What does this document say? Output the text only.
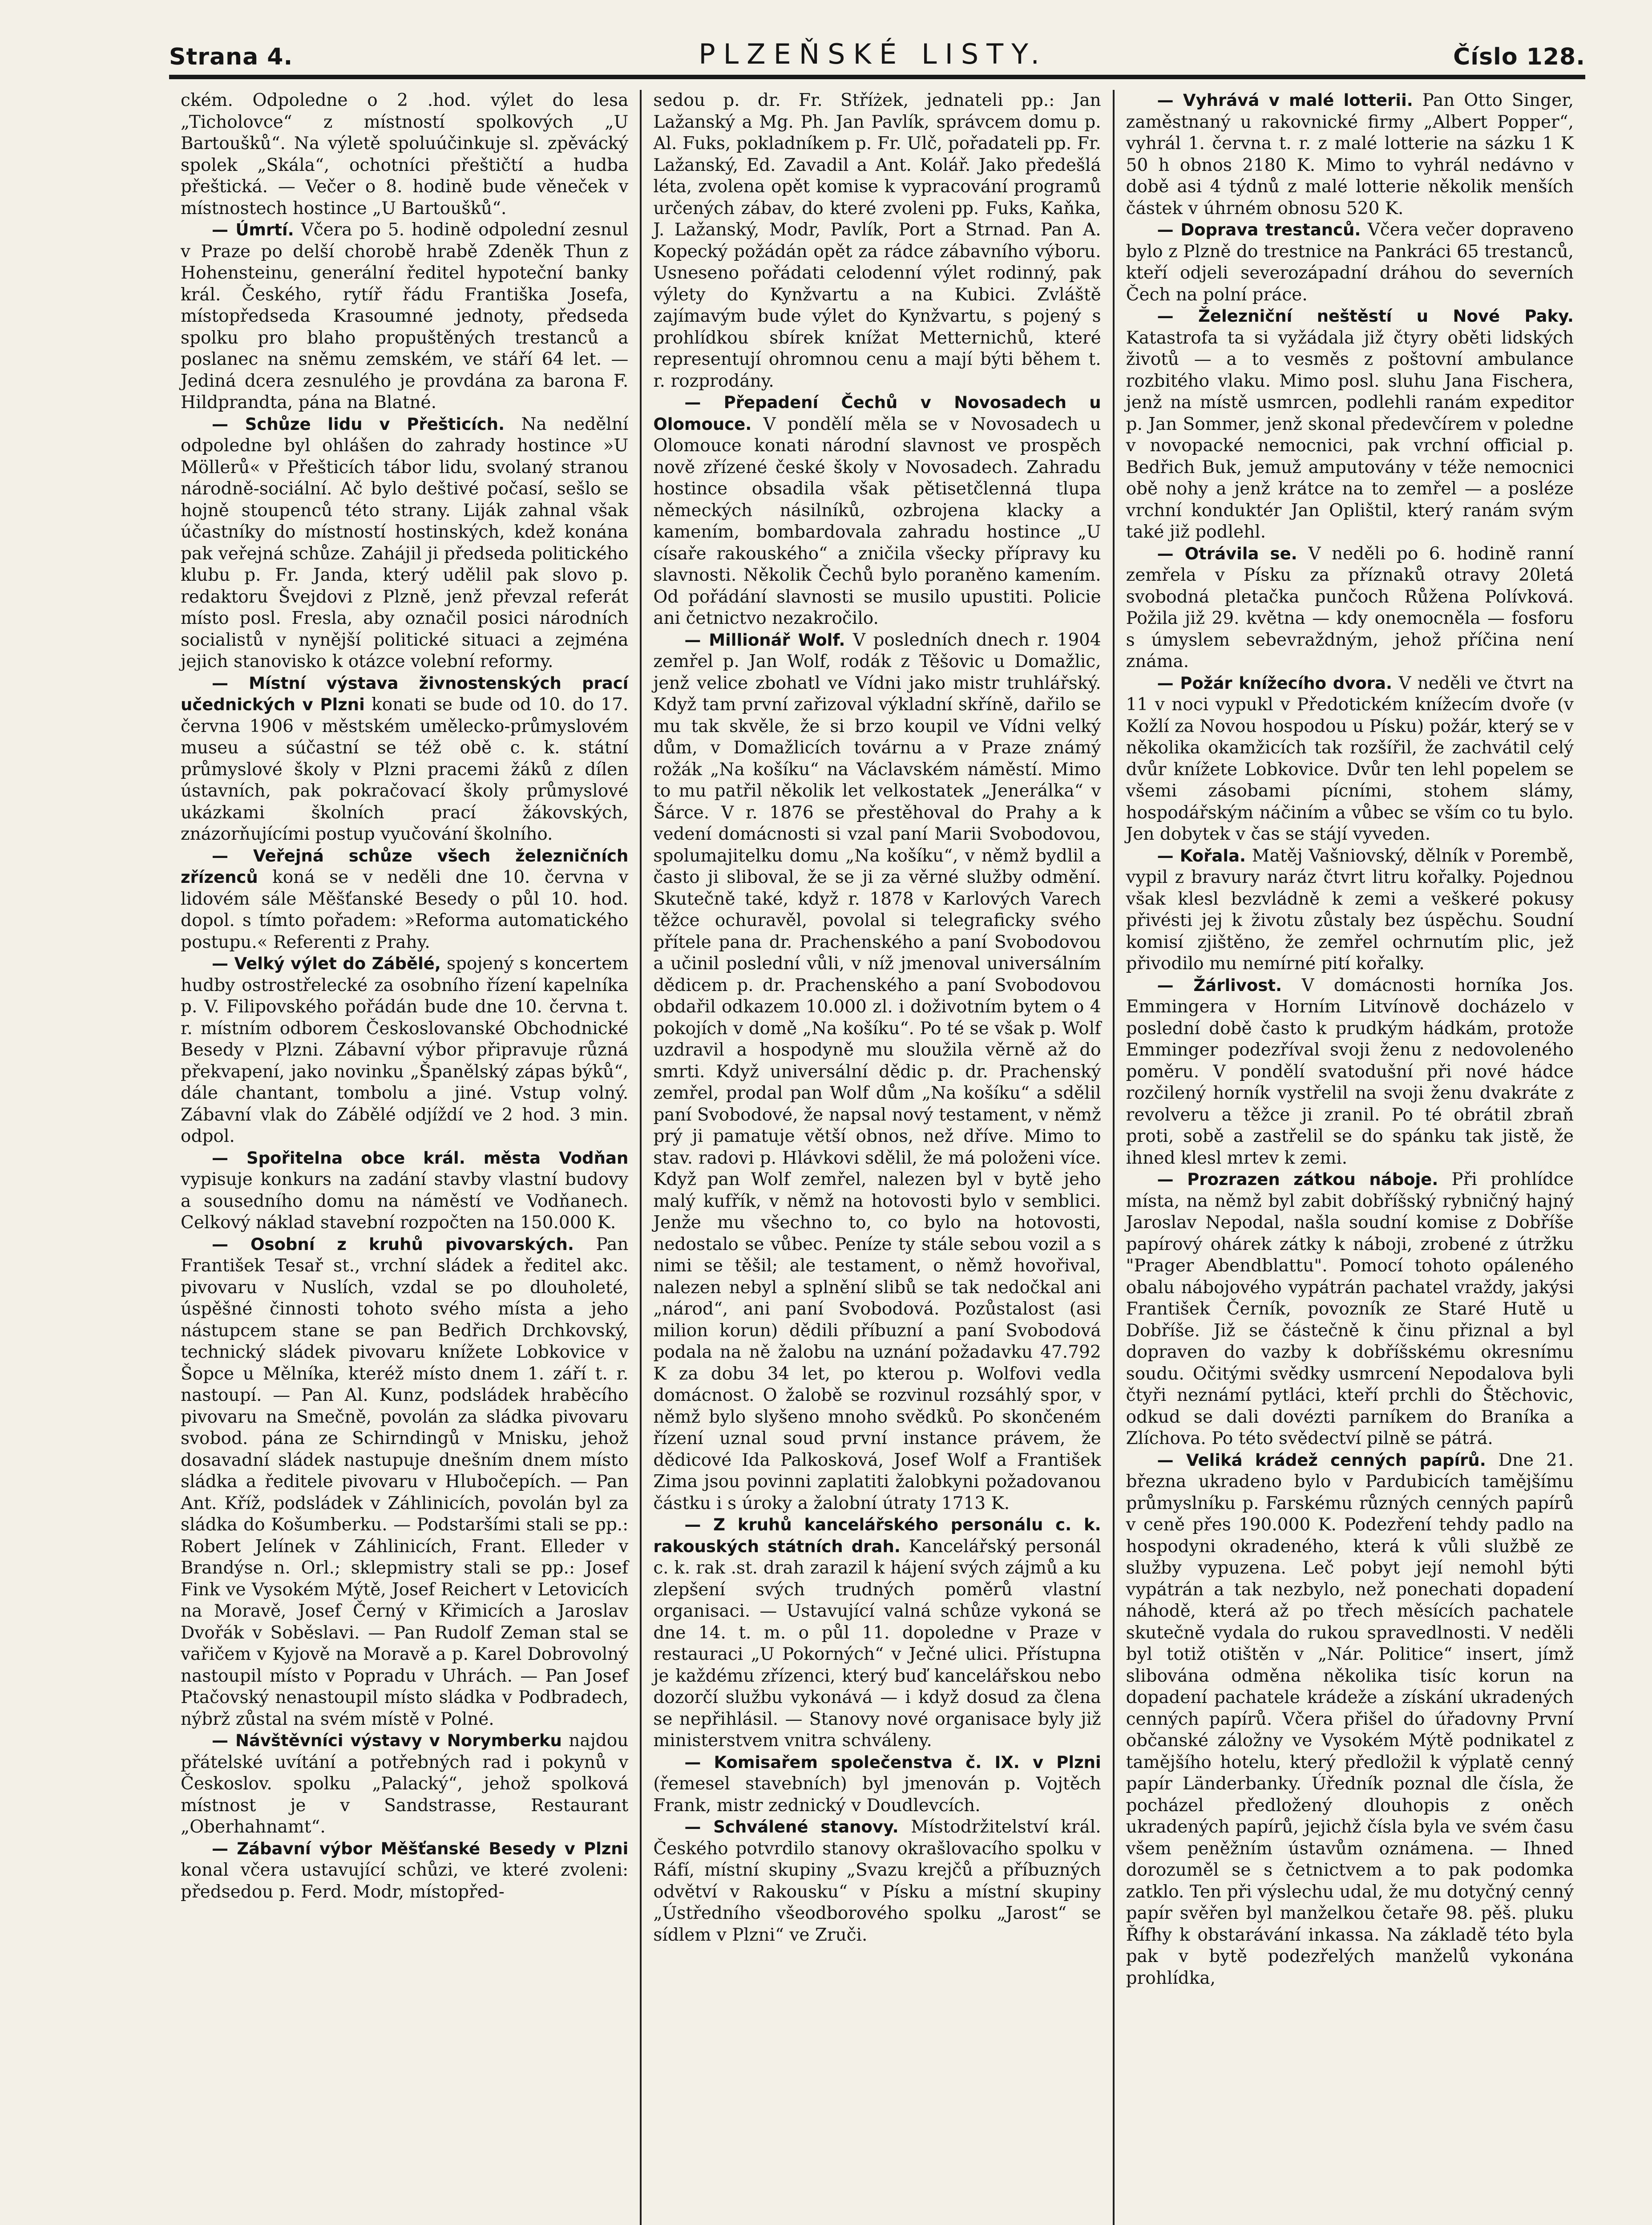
Strana 4.	PLZEŇSKÉ LISTY.	Číslo 128.

ckém. Odpoledne o 2 .hod. výlet do lesa „Ticholovce“ z místností spolkových „U Bartoušků“. Na výletě spoluúčinkuje sl. zpěvácký spolek „Skála“, ochotníci přeštičtí a hudba přeštická. — Večer o 8. hodině bude věneček v místnostech hostince „U Bartoušků“.

— Úmrtí. Včera po 5. hodině odpolední zesnul v Praze po delší chorobě hrabě Zdeněk Thun z Hohensteinu, generální ředitel hypoteční banky král. Českého, rytíř řádu Františka Josefa, místopředseda Krasoumné jednoty, předseda spolku pro blaho propuštěných trestanců a poslanec na sněmu zemském, ve stáří 64 let. — Jediná dcera zesnulého je provdána za barona F. Hildprandta, pána na Blatné.

— Schůze lidu v Přešticích. Na nedělní odpoledne byl ohlášen do zahrady hostince »U Möllerů« v Přešticích tábor lidu, svolaný stranou národně-sociální. Ač bylo deštivé počasí, sešlo se hojně stoupenců této strany. Liják zahnal však účastníky do místností hostinských, kdež konána pak veřejná schůze. Zahájil ji předseda politického klubu p. Fr. Janda, který udělil pak slovo p. redaktoru Švejdovi z Plzně, jenž převzal referát místo posl. Fresla, aby označil posici národních socialistů v nynější politické situaci a zejména jejich stanovisko k otázce volební reformy.

— Místní výstava živnostenských prací učednických v Plzni konati se bude od 10. do 17. června 1906 v městském umělecko-průmyslovém museu a súčastní se též obě c. k. státní průmyslové školy v Plzni pracemi žáků z dílen ústavních, pak pokračovací školy průmyslové ukázkami školních prací žákovských, znázorňujícími postup vyučování školního.

— Veřejná schůze všech železničních zřízenců koná se v neděli dne 10. června v lidovém sále Měšťanské Besedy o půl 10. hod. dopol. s tímto pořadem: »Reforma automatického postupu.« Referenti z Prahy.

— Velký výlet do Zábělé, spojený s koncertem hudby ostrostřelecké za osobního řízení kapelníka p. V. Filipovského pořádán bude dne 10. června t. r. místním odborem Českoslovanské Obchodnické Besedy v Plzni. Zábavní výbor připravuje různá překvapení, jako novinku „Španělský zápas býků“, dále chantant, tombolu a jiné. Vstup volný. Zábavní vlak do Zábělé odjíždí ve 2 hod. 3 min. odpol.

— Spořitelna obce král. města Vodňan vypisuje konkurs na zadání stavby vlastní budovy a sousedního domu na náměstí ve Vodňanech. Celkový náklad stavební rozpočten na 150.000 K.

— Osobní z kruhů pivovarských. Pan František Tesař st., vrchní sládek a ředitel akc. pivovaru v Nuslích, vzdal se po dlouholeté, úspěšné činnosti tohoto svého místa a jeho nástupcem stane se pan Bedřich Drchkovský, technický sládek pivovaru knížete Lobkovice v Šopce u Mělníka, kteréž místo dnem 1. září t. r. nastoupí. — Pan Al. Kunz, podsládek hraběcího pivovaru na Smečně, povolán za sládka pivovaru svobod. pána ze Schirndingů v Mnisku, jehož dosavadní sládek nastupuje dnešním dnem místo sládka a ředitele pivovaru v Hlubočepích. — Pan Ant. Kříž, podsládek v Záhlinicích, povolán byl za sládka do Košumberku. — Podstaršími stali se pp.: Robert Jelínek v Záhlinicích, Frant. Elleder v Brandýse n. Orl.; sklepmistry stali se pp.: Josef Fink ve Vysokém Mýtě, Josef Reichert v Letovicích na Moravě, Josef Černý v Křimicích a Jaroslav Dvořák v Soběslavi. — Pan Rudolf Zeman stal se vařičem v Kyjově na Moravě a p. Karel Dobrovolný nastoupil místo v Popradu v Uhrách. — Pan Josef Ptačovský nenastoupil místo sládka v Podbradech, nýbrž zůstal na svém místě v Polné.

— Návštěvníci výstavy v Norymberku najdou přátelské uvítání a potřebných rad i pokynů v Českoslov. spolku „Palacký“, jehož spolková místnost je v Sandstrasse, Restaurant „Oberhahnamt“.

— Zábavní výbor Měšťanské Besedy v Plzni konal včera ustavující schůzi, ve které zvoleni: předsedou p. Ferd. Modr, místopřed-

sedou p. dr. Fr. Stříżek, jednateli pp.: Jan Lažanský a Mg. Ph. Jan Pavlík, správcem domu p. Al. Fuks, pokladníkem p. Fr. Ulč, pořadateli pp. Fr. Lažanský, Ed. Zavadil a Ant. Kolář. Jako předešlá léta, zvolena opět komise k vypracování programů určených zábav, do které zvoleni pp. Fuks, Kaňka, J. Lažanský, Modr, Pavlík, Port a Strnad. Pan A. Kopecký požádán opět za rádce zábavního výboru. Usneseno pořádati celodenní výlet rodinný, pak výlety do Kynžvartu a na Kubici. Zvláště zajímavým bude výlet do Kynžvartu, s pojený s prohlídkou sbírek knížat Metternichů, které representují ohromnou cenu a mají býti během t. r. rozprodány.

— Přepadení Čechů v Novosadech u Olomouce. V pondělí měla se v Novosadech u Olomouce konati národní slavnost ve prospěch nově zřízené české školy v Novosadech. Zahradu hostince obsadila však pětisetčlenná tlupa německých násilníků, ozbrojena klacky a kamením, bombardovala zahradu hostince „U císaře rakouského“ a zničila všecky přípravy ku slavnosti. Několik Čechů bylo poraněno kamením. Od pořádání slavnosti se musilo upustiti. Policie ani četnictvo nezakročilo.

— Millionář Wolf. V posledních dnech r. 1904 zemřel p. Jan Wolf, rodák z Těšovic u Domažlic, jenž velice zbohatl ve Vídni jako mistr truhlářský. Když tam první zařizoval výkladní skříně, dařilo se mu tak skvěle, že si brzo koupil ve Vídni velký dům, v Domažlicích továrnu a v Praze známý rožák „Na košíku“ na Václavském náměstí. Mimo to mu patřil několik let velkostatek „Jenerálka“ v Šárce. V r. 1876 se přestěhoval do Prahy a k vedení domácnosti si vzal paní Marii Svobodovou, spolumajitelku domu „Na košíku“, v němž bydlil a často ji sliboval, že se ji za věrné služby odmění. Skutečně také, když r. 1878 v Karlových Varech těžce ochuravěl, povolal si telegraficky svého přítele pana dr. Prachenského a paní Svobodovou a učinil poslední vůli, v níž jmenoval universálním dědicem p. dr. Prachenského a paní Svobodovou obdařil odkazem 10.000 zl. i doživotním bytem o 4 pokojích v domě „Na košíku“. Po té se však p. Wolf uzdravil a hospodyně mu sloužila věrně až do smrti. Když universální dědic p. dr. Prachenský zemřel, prodal pan Wolf dům „Na košíku“ a sdělil paní Svobodové, že napsal nový testament, v němž prý ji pamatuje větší obnos, než dříve. Mimo to stav. radovi p. Hlávkovi sdělil, že má položeni více. Když pan Wolf zemřel, nalezen byl v bytě jeho malý kufřík, v němž na hotovosti bylo v semblici. Jenže mu všechno to, co bylo na hotovosti, nedostalo se vůbec. Peníze ty stále sebou vozil a s nimi se těšil; ale testament, o němž hovořival, nalezen nebyl a splnění slibů se tak nedočkal ani „národ“, ani paní Svobodová. Pozůstalost (asi milion korun) dědili příbuzní a paní Svobodová podala na ně žalobu na uznání požadavku 47.792 K za dobu 34 let, po kterou p. Wolfovi vedla domácnost. O žalobě se rozvinul rozsáhlý spor, v němž bylo slyšeno mnoho svědků. Po skončeném řízení uznal soud první instance právem, že dědicové Ida Palkosková, Josef Wolf a František Zima jsou povinni zaplatiti žalobkyni požadovanou částku i s úroky a žalobní útraty 1713 K.

— Z kruhů kancelářského personálu c. k. rakouských státních drah. Kancelářský personál c. k. rak .st. drah zarazil k hájení svých zájmů a ku zlepšení svých trudných poměrů vlastní organisaci. — Ustavující valná schůze vykoná se dne 14. t. m. o půl 11. dopoledne v Praze v restauraci „U Pokorných“ v Ječné ulici. Přístupna je každému zřízenci, který buď kancelářskou nebo dozorčí službu vykonává — i když dosud za člena se nepřihlásil. — Stanovy nové organisace byly již ministerstvem vnitra schváleny.

— Komisařem společenstva č. IX. v Plzni (řemesel stavebních) byl jmenován p. Vojtěch Frank, mistr zednický v Doudlevcích.

— Schválené stanovy. Místodržitelství král. Českého potvrdilo stanovy okrašlovacího spolku v Ráfí, místní skupiny „Svazu krejčů a příbuzných odvětví v Rakousku“ v Písku a místní skupiny „Ústředního všeodborového spolku „Jarost“ se sídlem v Plzni“ ve Zruči.

— Vyhrává v malé lotterii. Pan Otto Singer, zaměstnaný u rakovnické firmy „Albert Popper“, vyhrál 1. června t. r. z malé lotterie na sázku 1 K 50 h obnos 2180 K. Mimo to vyhrál nedávno v době asi 4 týdnů z malé lotterie několik menších částek v úhrném obnosu 520 K.

— Doprava trestanců. Včera večer dopraveno bylo z Plzně do trestnice na Pankráci 65 trestanců, kteří odjeli severozápadní dráhou do severních Čech na polní práce.

— Železniční neštěstí u Nové Paky. Katastrofa ta si vyžádala již čtyry oběti lidských životů — a to vesměs z poštovní ambulance rozbitého vlaku. Mimo posl. sluhu Jana Fischera, jenž na místě usmrcen, podlehli ranám expeditor p. Jan Sommer, jenž skonal předevčírem v poledne v novopacké nemocnici, pak vrchní official p. Bedřich Buk, jemuž amputovány v téže nemocnici obě nohy a jenž krátce na to zemřel — a posléze vrchní konduktér Jan Oplištil, který ranám svým také již podlehl.

— Otrávila se. V neděli po 6. hodině ranní zemřela v Písku za příznaků otravy 20letá svobodná pletačka punčoch Růžena Polívková. Požila již 29. května — kdy onemocněla — fosforu s úmyslem sebevraždným, jehož příčina není známa.

— Požár knížecího dvora. V neděli ve čtvrt na 11 v noci vypukl v Předotickém knížecím dvoře (v Kožlí za Novou hospodou u Písku) požár, který se v několika okamžicích tak rozšířil, že zachvátil celý dvůr knížete Lobkovice. Dvůr ten lehl popelem se všemi zásobami pícními, stohem slámy, hospodářským náčiním a vůbec se vším co tu bylo. Jen dobytek v čas se stájí vyveden.

— Kořala. Matěj Vašniovský, dělník v Porembě, vypil z bravury naráz čtvrt litru kořalky. Pojednou však klesl bezvládně k zemi a veškeré pokusy přivésti jej k životu zůstaly bez úspěchu. Soudní komisí zjištěno, že zemřel ochrnutím plic, jež přivodilo mu nemírné pití kořalky.

— Žárlivost. V domácnosti horníka Jos. Emmingera v Horním Litvínově docházelo v poslední době často k prudkým hádkám, protože Emminger podezříval svoji ženu z nedovoleného poměru. V pondělí svatodušní při nové hádce rozčilený horník vystřelil na svoji ženu dvakráte z revolveru a těžce ji zranil. Po té obrátil zbraň proti, sobě a zastřelil se do spánku tak jistě, že ihned klesl mrtev k zemi.

— Prozrazen zátkou náboje. Při prohlídce místa, na němž byl zabit dobříšský rybničný hajný Jaroslav Nepodal, našla soudní komise z Dobříše papírový ohárek zátky k náboji, zrobené z útržku "Prager Abendblattu". Pomocí tohoto opáleného obalu nábojového vypátrán pachatel vraždy, jakýsi František Černík, povozník ze Staré Hutě u Dobříše. Již se částečně k činu přiznal a byl dopraven do vazby k dobříšskému okresnímu soudu. Očitými svědky usmrcení Nepodalova byli čtyři neznámí pytláci, kteří prchli do Štěchovic, odkud se dali dovézti parníkem do Braníka a Zlíchova. Po této svědectví pilně se pátrá.

— Veliká krádež cenných papírů. Dne 21. března ukradeno bylo v Pardubicích tamějšímu průmyslníku p. Farskému různých cenných papírů v ceně přes 190.000 K. Podezření tehdy padlo na hospodyni okradeného, která k vůli službě ze služby vypuzena. Leč pobyt její nemohl býti vypátrán a tak nezbylo, než ponechati dopadení náhodě, která až po třech měsících pachatele skutečně vydala do rukou spravedlnosti. V neděli byl totiž otištěn v „Nár. Politice“ insert, jímž slibována odměna několika tisíc korun na dopadení pachatele krádeže a získání ukradených cenných papírů. Včera přišel do úřadovny První občanské záložny ve Vysokém Mýtě podnikatel z tamějšího hotelu, který předložil k výplatě cenný papír Länderbanky. Úředník poznal dle čísla, že pocházel předložený dlouhopis z oněch ukradených papírů, jejichž čísla byla ve svém času všem peněžním ústavům oznámena. — Ihned dorozuměl se s četnictvem a to pak podomka zatklo. Ten při výslechu udal, že mu dotyčný cenný papír svěřen byl manželkou četaře 98. pěš. pluku Řífhy k obstarávání inkassa. Na základě této byla pak v bytě podezřelých manželů vykonána prohlídka,
